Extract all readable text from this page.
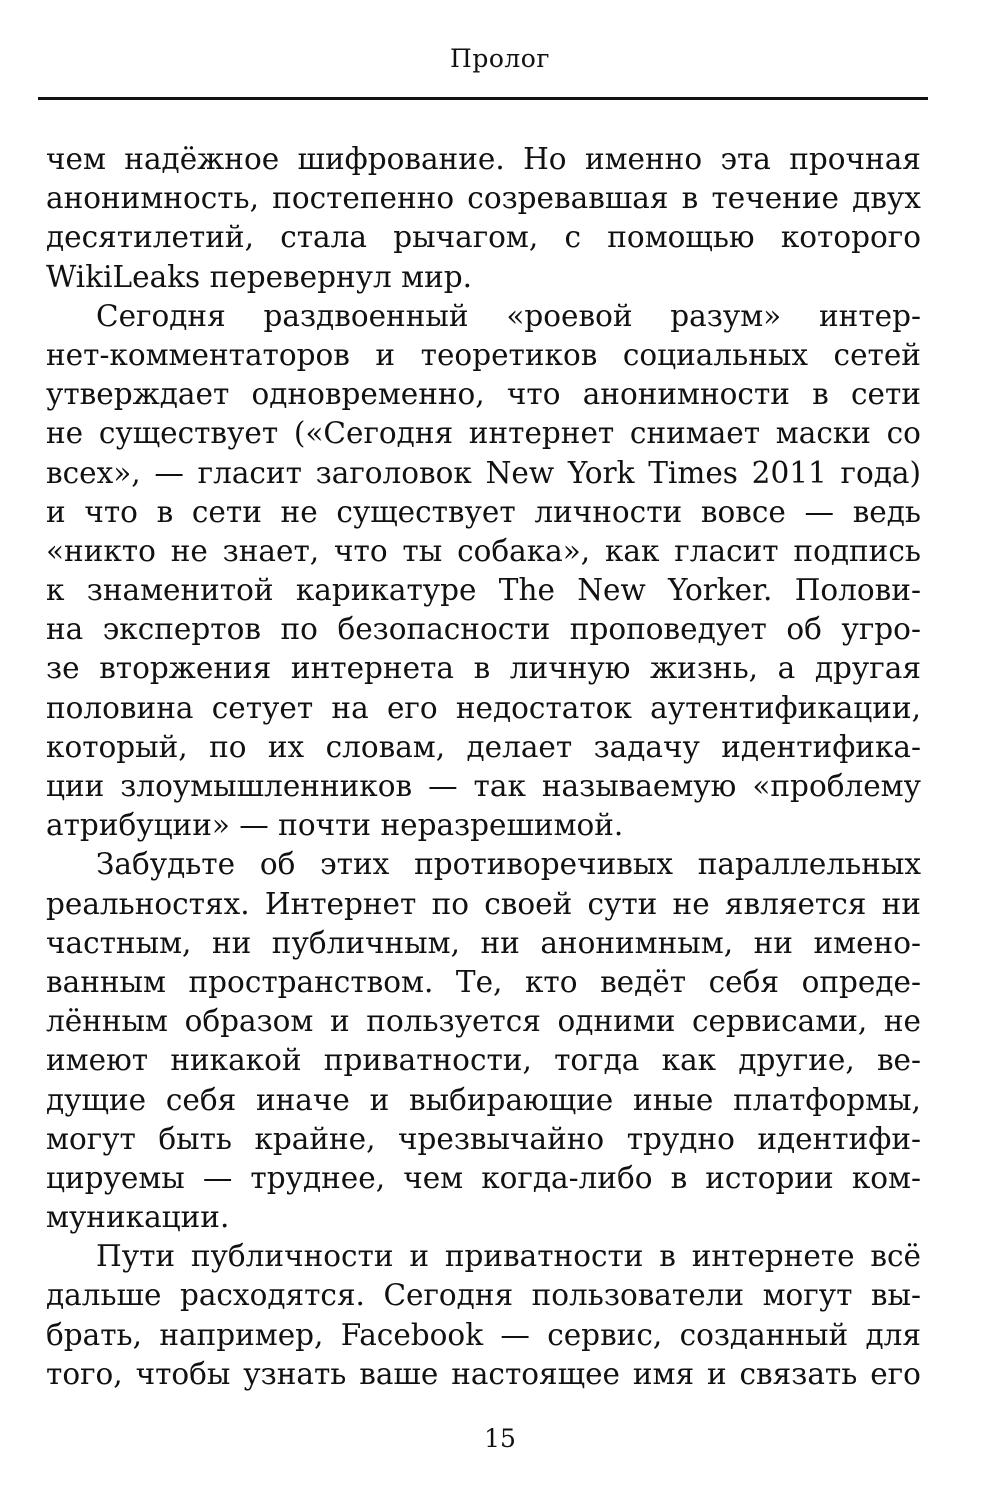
Пролог
чем надёжное шифрование. Но именно эта прочная
анонимность, постепенно созревавшая в течение двух
десятилетий, стала рычагом, с помощью которого
WikiLeaks перевернул мир.
Сегодня раздвоенный «роевой разум» интер-
нет-комментаторов и теоретиков социальных сетей
утверждает одновременно, что анонимности в сети
не существует («Сегодня интернет снимает маски со
всех», — гласит заголовок New York Times 2011 года)
и что в сети не существует личности вовсе — ведь
«никто не знает, что ты собака», как гласит подпись
к знаменитой карикатуре The New Yorker. Полови-
на экспертов по безопасности проповедует об угро-
зе вторжения интернета в личную жизнь, а другая
половина сетует на его недостаток аутентификации,
который, по их словам, делает задачу идентифика-
ции злоумышленников — так называемую «проблему
атрибуции» — почти неразрешимой.
Забудьте об этих противоречивых параллельных
реальностях. Интернет по своей сути не является ни
частным, ни публичным, ни анонимным, ни имено-
ванным пространством. Те, кто ведёт себя опреде-
лённым образом и пользуется одними сервисами, не
имеют никакой приватности, тогда как другие, ве-
дущие себя иначе и выбирающие иные платформы,
могут быть крайне, чрезвычайно трудно идентифи-
цируемы — труднее, чем когда-либо в истории ком-
муникации.
Пути публичности и приватности в интернете всё
дальше расходятся. Сегодня пользователи могут вы-
брать, например, Facebook — сервис, созданный для
того, чтобы узнать ваше настоящее имя и связать его
15
